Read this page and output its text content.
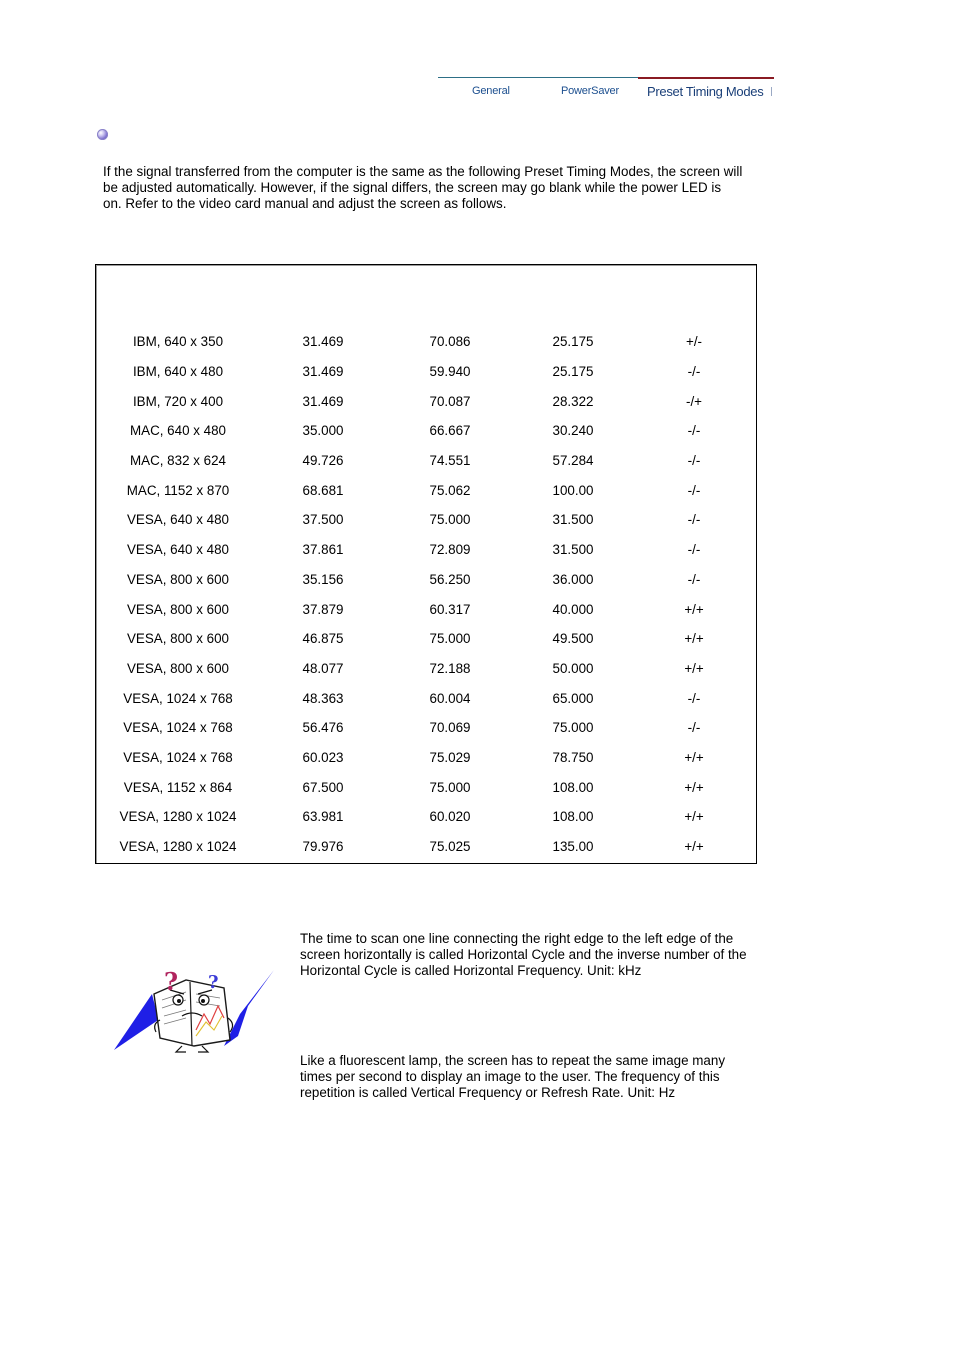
General	PowerSaver Preset Timing Modes

If the signal transferred from the computer is the same as the following Preset Timing Modes, the screen will be adjusted automatically. However, if the signal differs, the screen may go blank while the power LED is on. Refer to the video card manual and adjust the screen as follows.

IBM, 640 x 350	31.469	70.086	25.175	+/-
IBM, 640 x 480	31.469	59.940	25.175	-/-
IBM, 720 x 400	31.469	70.087	28.322	-/+
MAC, 640 x 480	35.000	66.667	30.240	-/-
MAC, 832 x 624	49.726	74.551	57.284	-/-
MAC, 1152 x 870	68.681	75.062	100.00	-/-
VESA, 640 x 480	37.500	75.000	31.500	-/-
VESA, 640 x 480	37.861	72.809	31.500	-/-
VESA, 800 x 600	35.156	56.250	36.000	-/-
VESA, 800 x 600	37.879	60.317	40.000	+/+
VESA, 800 x 600	46.875	75.000	49.500	+/+
VESA, 800 x 600	48.077	72.188	50.000	+/+
VESA, 1024 x 768	48.363	60.004	65.000	-/-
VESA, 1024 x 768	56.476	70.069	75.000	-/-
VESA, 1024 x 768	60.023	75.029	78.750	+/+
VESA, 1152 x 864	67.500	75.000	108.00	+/+
VESA, 1280 x 1024	63.981	60.020	108.00	+/+
VESA, 1280 x 1024	79.976	75.025	135.00	+/+
? ?

The time to scan one line connecting the right edge to the left edge of the screen horizontally is called Horizontal Cycle and the inverse number of the Horizontal Cycle is called Horizontal Frequency. Unit: kHz

Like a fluorescent lamp, the screen has to repeat the same image many times per second to display an image to the user. The frequency of this repetition is called Vertical Frequency or Refresh Rate. Unit: Hz
